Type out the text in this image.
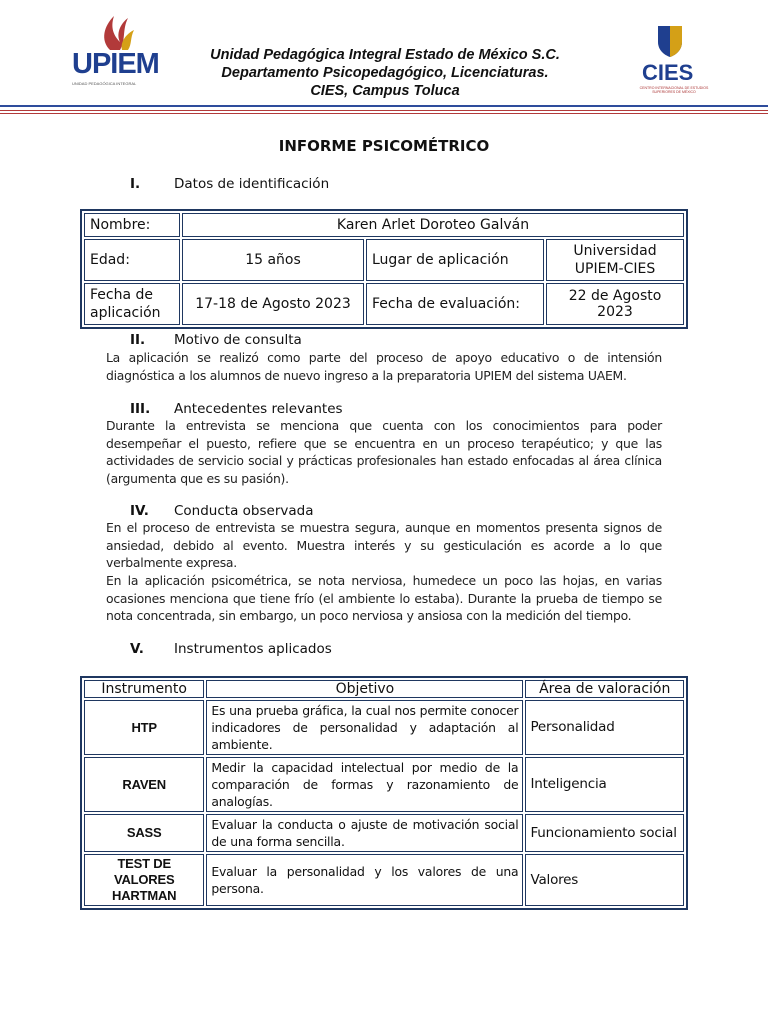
UPIEM
UNIDAD PEDAGÓGICA INTEGRAL
Unidad Pedagógica Integral Estado de México S.C.
Departamento Psicopedagógico, Licenciaturas.
CIES, Campus Toluca
CIES
CENTRO INTERNACIONAL DE ESTUDIOS SUPERIORES DE MÉXICO
INFORME PSICOMÉTRICO
I.	Datos de identificación
Nombre:	Karen Arlet Doroteo Galván		
Edad:	15 años	Lugar de aplicación	Universidad
UPIEM-CIES

Fecha de
aplicación	17-18 de Agosto 2023	Fecha de evaluación:	22 de Agosto 2023
II. Motivo de consulta
La aplicación se realizó como parte del proceso de apoyo educativo o de intensión diagnóstica a los alumnos de nuevo ingreso a la preparatoria UPIEM del sistema UAEM.
III. Antecedentes relevantes
Durante la entrevista se menciona que cuenta con los conocimientos para poder desempeñar el puesto, refiere que se encuentra en un proceso terapéutico; y que las actividades de servicio social y prácticas profesionales han estado enfocadas al área clínica (argumenta que es su pasión).
IV. Conducta observada
En el proceso de entrevista se muestra segura, aunque en momentos presenta signos de ansiedad, debido al evento. Muestra interés y su gesticulación es acorde a lo que verbalmente expresa.
En la aplicación psicométrica, se nota nerviosa, humedece un poco las hojas, en varias ocasiones menciona que tiene frío (el ambiente lo estaba). Durante la prueba de tiempo se nota concentrada, sin embargo, un poco nerviosa y ansiosa con la medición del tiempo.
V. Instrumentos aplicados
Instrumento	Objetivo	Área de valoración
HTP	Es una prueba gráfica, la cual nos permite conocer indicadores de personalidad y adaptación al ambiente.	Personalidad
RAVEN	Medir la capacidad intelectual por medio de la comparación de formas y razonamiento de analogías.	Inteligencia
SASS	Evaluar la conducta o ajuste de motivación social de una forma sencilla.	Funcionamiento social
TEST DE VALORES HARTMAN	Evaluar la personalidad y los valores de una persona.	Valores
